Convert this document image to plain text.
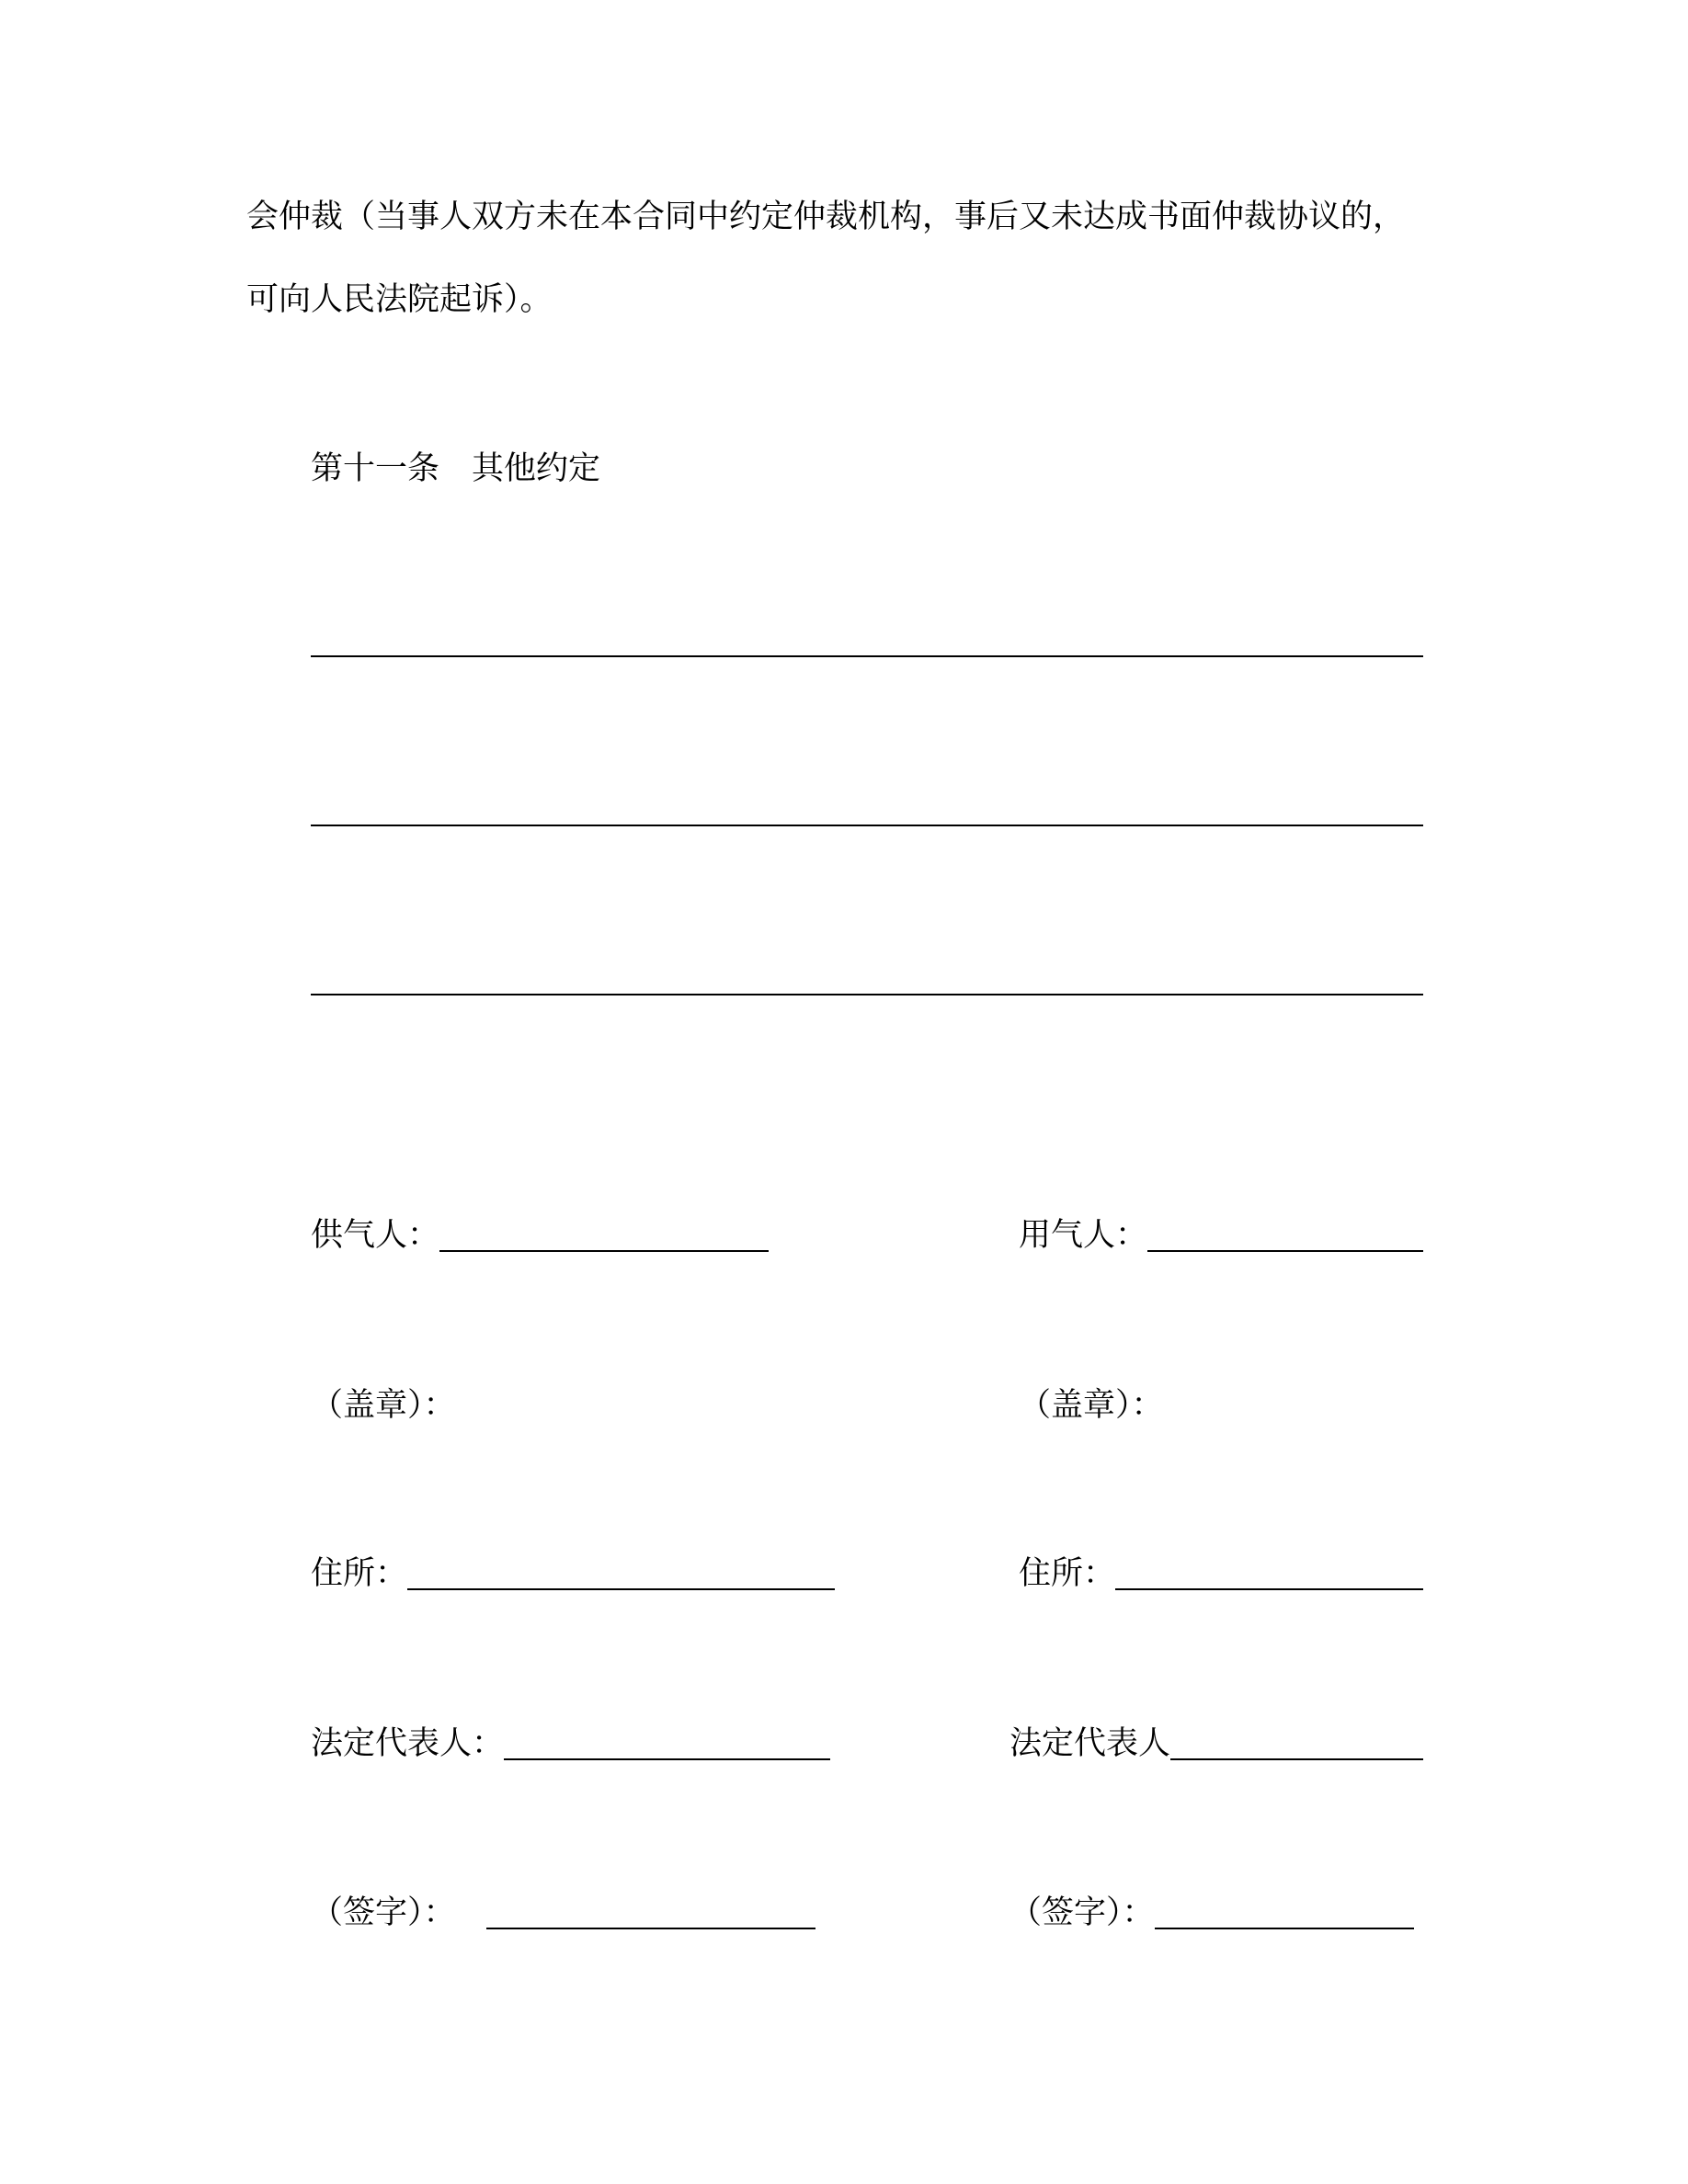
会仲裁（当事人双方未在本合同中约定仲裁机构，事后又未达成书面仲裁协议的，

可向人民法院起诉）。

第十一条　其他约定

供气人：
（盖章）：
住所：
法定代表人：
（签字）：
用气人：
（盖章）：
住所：
法定代表人
（签字）：
